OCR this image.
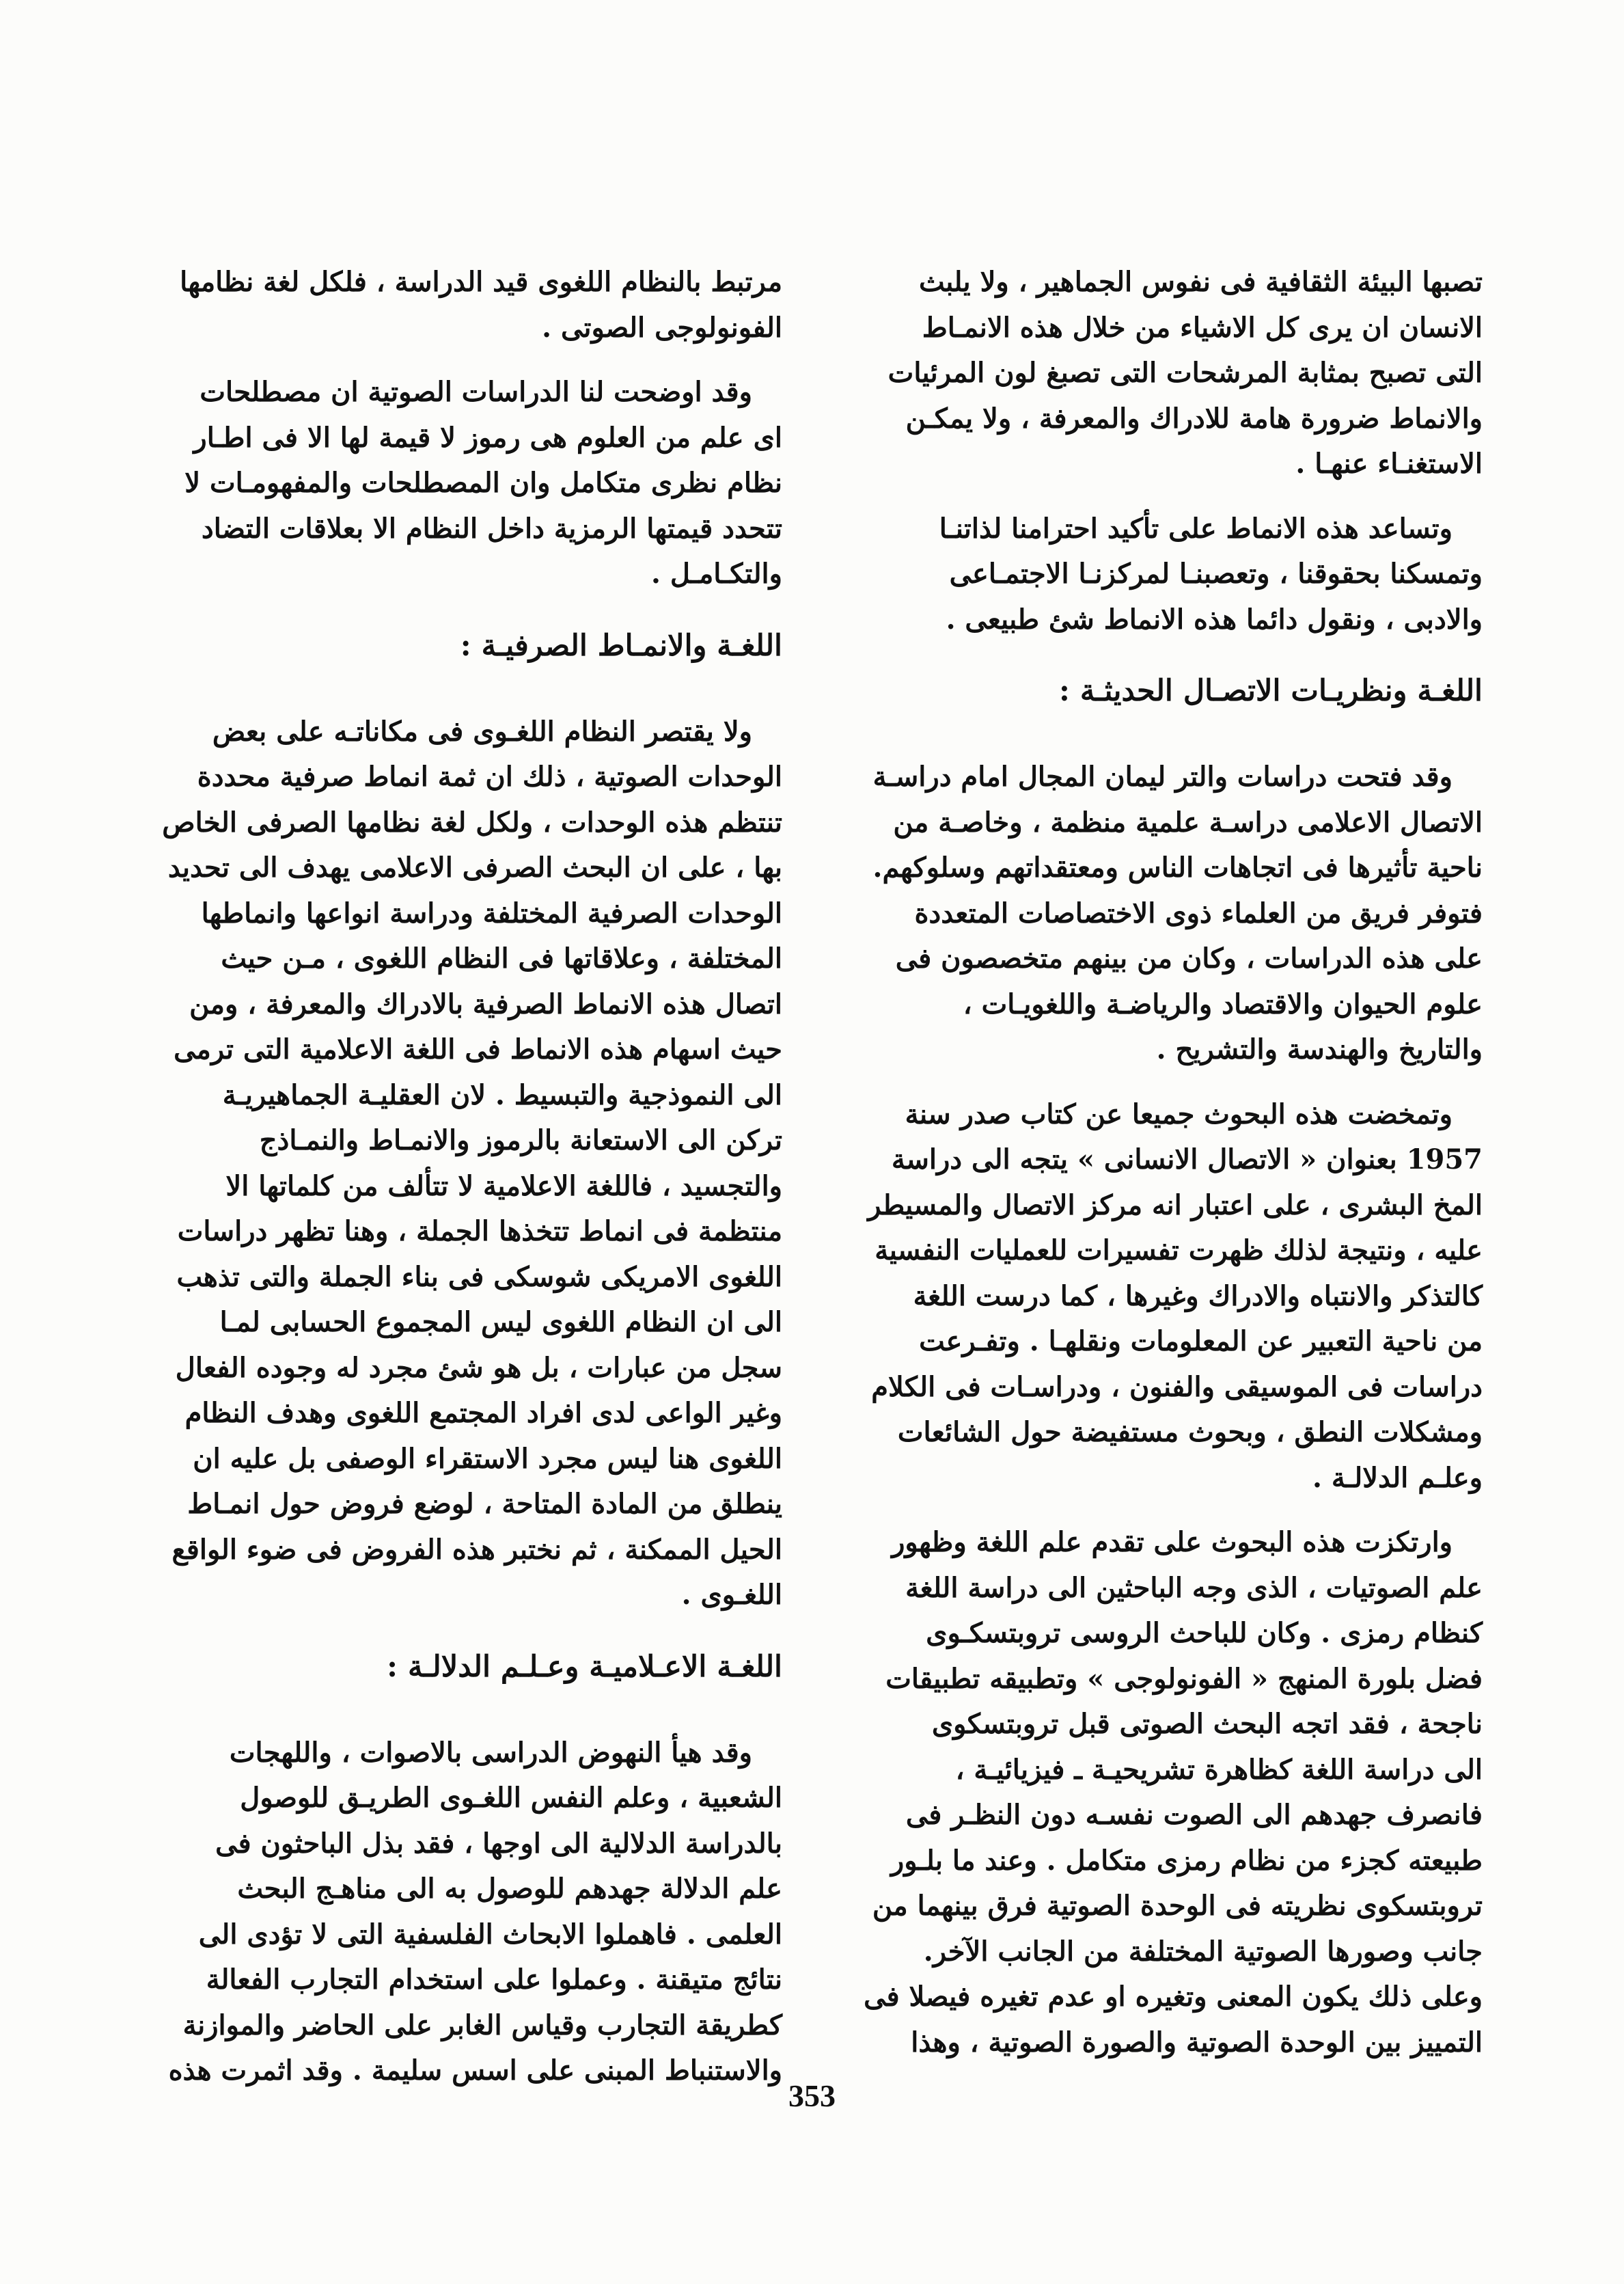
تصبها البيئة الثقافية فى نفوس الجماهير ، ولا يلبث
الانسان ان يرى كل الاشياء من خلال هذه الانمـاط
التى تصبح بمثابة المرشحات التى تصبغ لون المرئيات
والانماط ضرورة هامة للادراك والمعرفة ، ولا يمكـن
الاستغنـاء عنهـا .

وتساعد هذه الانماط على تأكيد احترامنا لذاتنـا
وتمسكنا بحقوقنا ، وتعصبنـا لمركزنـا الاجتمـاعى
والادبى ، ونقول دائما هذه الانماط شئ طبيعى .

اللغـة ونظريـات الاتصـال الحديثـة :

وقد فتحت دراسات والتر ليمان المجال امام دراسـة
الاتصال الاعلامى دراسـة علمية منظمة ، وخاصـة من
ناحية تأثيرها فى اتجاهات الناس ومعتقداتهم وسلوكهم.
فتوفر فريق من العلماء ذوى الاختصاصات المتعددة
على هذه الدراسات ، وكان من بينهم متخصصون فى
علوم الحيوان والاقتصاد والرياضـة واللغويـات ،
والتاريخ والهندسة والتشريح .

وتمخضت هذه البحوث جميعا عن كتاب صدر سنة
1957 بعنوان « الاتصال الانسانى » يتجه الى دراسة
المخ البشرى ، على اعتبار انه مركز الاتصال والمسيطر
عليه ، ونتيجة لذلك ظهرت تفسيرات للعمليات النفسية
كالتذكر والانتباه والادراك وغيرها ، كما درست اللغة
من ناحية التعبير عن المعلومات ونقلهـا . وتفـرعت
دراسات فى الموسيقى والفنون ، ودراسـات فى الكلام
ومشكلات النطق ، وبحوث مستفيضة حول الشائعات
وعلـم الدلالـة .

وارتكزت هذه البحوث على تقدم علم اللغة وظهور
علم الصوتيات ، الذى وجه الباحثين الى دراسة اللغة
كنظام رمزى . وكان للباحث الروسى تروبتسكـوى
فضل بلورة المنهج « الفونولوجى » وتطبيقه تطبيقات
ناجحة ، فقد اتجه البحث الصوتى قبل تروبتسكوى
الى دراسة اللغة كظاهرة تشريحيـة ـ فيزيائيـة ،
فانصرف جهدهم الى الصوت نفسـه دون النظـر فى
طبيعته كجزء من نظام رمزى متكامل . وعند ما بلـور
تروبتسكوى نظريته فى الوحدة الصوتية فرق بينهما من
جانب وصورها الصوتية المختلفة من الجانب الآخر.
وعلى ذلك يكون المعنى وتغيره او عدم تغيره فيصلا فى
التمييز بين الوحدة الصوتية والصورة الصوتية ، وهذا

مرتبط بالنظام اللغوى قيد الدراسة ، فلكل لغة نظامها
الفونولوجى الصوتى .

وقد اوضحت لنا الدراسات الصوتية ان مصطلحات
اى علم من العلوم هى رموز لا قيمة لها الا فى اطـار
نظام نظرى متكامل وان المصطلحات والمفهومـات لا
تتحدد قيمتها الرمزية داخل النظام الا بعلاقات التضاد
والتكـامـل .

اللغـة والانمـاط الصرفيـة :

ولا يقتصر النظام اللغـوى فى مكاناتـه على بعض
الوحدات الصوتية ، ذلك ان ثمة انماط صرفية محددة
تنتظم هذه الوحدات ، ولكل لغة نظامها الصرفى الخاص
بها ، على ان البحث الصرفى الاعلامى يهدف الى تحديد
الوحدات الصرفية المختلفة ودراسة انواعها وانماطها
المختلفة ، وعلاقاتها فى النظام اللغوى ، مـن حيث
اتصال هذه الانماط الصرفية بالادراك والمعرفة ، ومن
حيث اسهام هذه الانماط فى اللغة الاعلامية التى ترمى
الى النموذجية والتبسيط . لان العقليـة الجماهيريـة
تركن الى الاستعانة بالرموز والانمـاط والنمـاذج
والتجسيد ، فاللغة الاعلامية لا تتألف من كلماتها الا
منتظمة فى انماط تتخذها الجملة ، وهنا تظهر دراسات
اللغوى الامريكى شوسكى فى بناء الجملة والتى تذهب
الى ان النظام اللغوى ليس المجموع الحسابى لمـا
سجل من عبارات ، بل هو شئ مجرد له وجوده الفعال
وغير الواعى لدى افراد المجتمع اللغوى وهدف النظام
اللغوى هنا ليس مجرد الاستقراء الوصفى بل عليه ان
ينطلق من المادة المتاحة ، لوضع فروض حول انمـاط
الحيل الممكنة ، ثم نختبر هذه الفروض فى ضوء الواقع
اللغـوى .

اللغـة الاعـلاميـة وعـلـم الدلالـة :

وقد هيأ النهوض الدراسى بالاصوات ، واللهجات
الشعبية ، وعلم النفس اللغـوى الطريـق للوصول
بالدراسة الدلالية الى اوجها ، فقد بذل الباحثون فى
علم الدلالة جهدهم للوصول به الى مناهـج البحث
العلمى . فاهملوا الابحاث الفلسفية التى لا تؤدى الى
نتائج متيقنة . وعملوا على استخدام التجارب الفعالة
كطريقة التجارب وقياس الغابر على الحاضر والموازنة
والاستنباط المبنى على اسس سليمة . وقد اثمرت هذه

353
